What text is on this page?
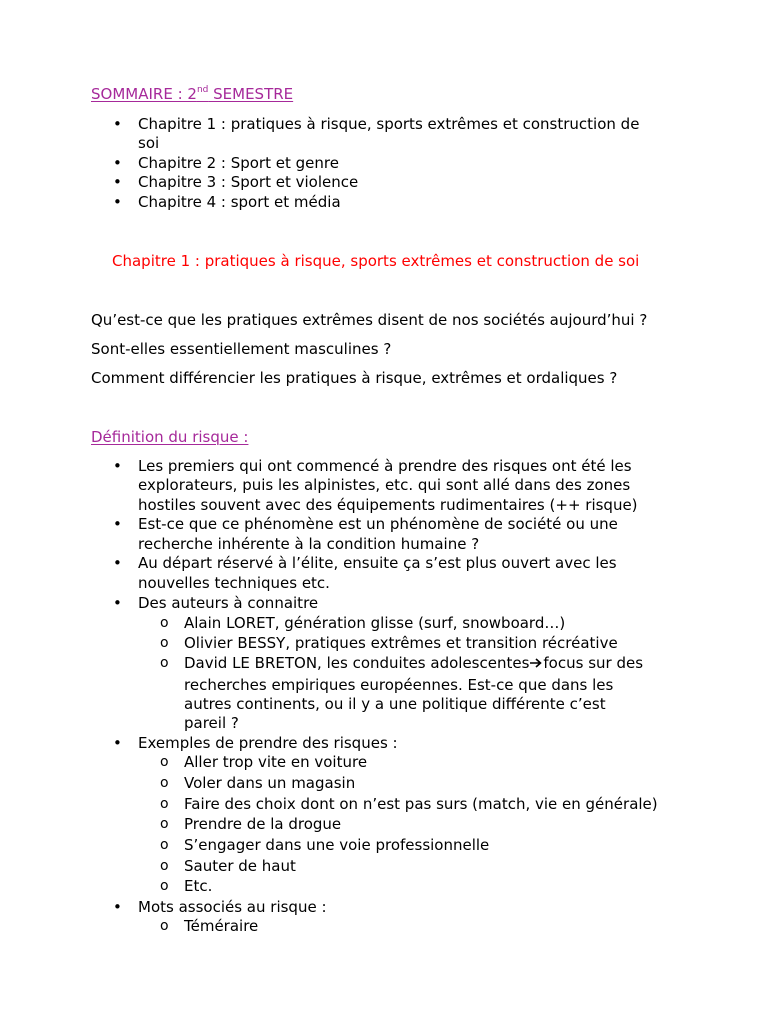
SOMMAIRE : 2nd SEMESTRE
• Chapitre 1 : pratiques à risque, sports extrêmes et construction de
soi
• Chapitre 2 : Sport et genre
• Chapitre 3 : Sport et violence
• Chapitre 4 : sport et média
Chapitre 1 : pratiques à risque, sports extrêmes et construction de soi
Qu’est-ce que les pratiques extrêmes disent de nos sociétés aujourd’hui ?
Sont-elles essentiellement masculines ?
Comment différencier les pratiques à risque, extrêmes et ordaliques ?
Définition du risque :
• Les premiers qui ont commencé à prendre des risques ont été les
explorateurs, puis les alpinistes, etc. qui sont allé dans des zones
hostiles souvent avec des équipements rudimentaires (++ risque)
• Est-ce que ce phénomène est un phénomène de société ou une
recherche inhérente à la condition humaine ?
• Au départ réservé à l’élite, ensuite ça s’est plus ouvert avec les
nouvelles techniques etc.
• Des auteurs à connaitre
o Alain LORET, génération glisse (surf, snowboard…)
o Olivier BESSY, pratiques extrêmes et transition récréative
o David LE BRETON, les conduites adolescentes focus sur des
recherches empiriques européennes. Est-ce que dans les
autres continents, ou il y a une politique différente c’est
pareil ?
• Exemples de prendre des risques :
o Aller trop vite en voiture
o Voler dans un magasin
o Faire des choix dont on n’est pas surs (match, vie en générale)
o Prendre de la drogue
o S’engager dans une voie professionnelle
o Sauter de haut
o Etc.
• Mots associés au risque :
o Téméraire
